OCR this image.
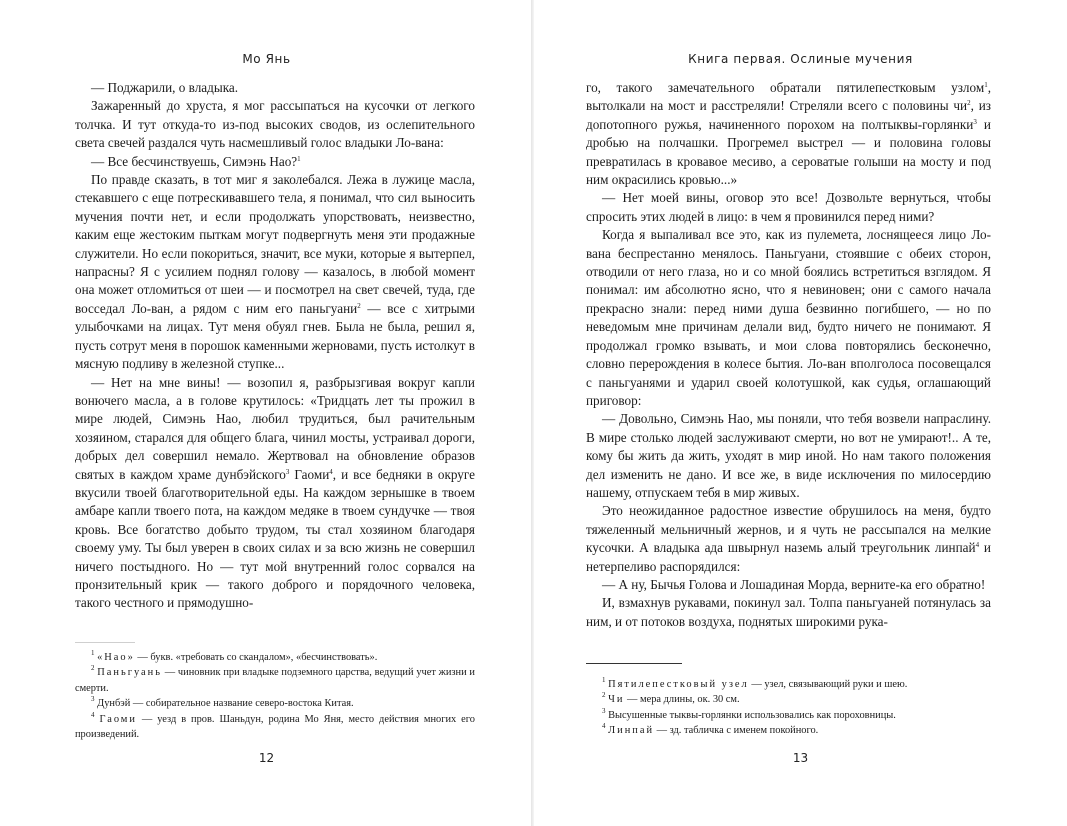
Мо Янь

— Поджарили, о владыка.

Зажаренный до хруста, я мог рассыпаться на кусочки от легкого толчка. И тут откуда-то из-под высоких сводов, из ослепительного света свечей раздался чуть насмешливый голос владыки Ло-вана:

— Все бесчинствуешь, Симэнь Нао?$^1$

По правде сказать, в тот миг я заколебался. Лежа в лужице масла, стекавшего с еще потрескивавшего тела, я понимал, что сил выносить мучения почти нет, и если продолжать упорствовать, неизвестно, каким еще жестоким пыткам могут подвергнуть меня эти продажные служители. Но если покориться, значит, все муки, которые я вытерпел, напрасны? Я с усилием поднял голову — казалось, в любой момент она может отломиться от шеи — и посмотрел на свет свечей, туда, где восседал Ло-ван, а рядом с ним его паньгуани$^2$ — все с хитрыми улыбочками на лицах. Тут меня обуял гнев. Была не была, решил я, пусть сотрут меня в порошок каменными жерновами, пусть истолкут в мясную подливу в железной ступке...

— Нет на мне вины! — возопил я, разбрызгивая вокруг капли вонючего масла, а в голове крутилось: «Тридцать лет ты прожил в мире людей, Симэнь Нао, любил трудиться, был рачительным хозяином, старался для общего блага, чинил мосты, устраивал дороги, добрых дел совершил немало. Жертвовал на обновление образов святых в каждом храме дунбэйского$^3$ Гаоми$^4$, и все бедняки в округе вкусили твоей благотворительной еды. На каждом зернышке в твоем амбаре капли твоего пота, на каждом медяке в твоем сундучке — твоя кровь. Все богатство добыто трудом, ты стал хозяином благодаря своему уму. Ты был уверен в своих силах и за всю жизнь не совершил ничего постыдного. Но — тут мой внутренний голос сорвался на пронзительный крик — такого доброго и порядочного человека, такого честного и прямодушно-

$^1$ «Нао» — букв. «требовать со скандалом», «бесчинствовать».

$^2$ Паньгуань — чиновник при владыке подземного царства, ведущий учет жизни и смерти.

$^3$ Дунбэй — собирательное название северо-востока Китая.

$^4$ Гаоми — уезд в пров. Шаньдун, родина Мо Яня, место действия многих его произведений.

12
Книга первая. Ослиные мучения

го, такого замечательного обратали пятилепестковым узлом$^1$, вытолкали на мост и расстреляли! Стреляли всего с половины $чи^2$, из допотопного ружья, начиненного порохом на полтыквы-горлянки$^3$ и дробью на полчашки. Прогремел выстрел — и половина головы превратилась в кровавое месиво, а сероватые голыши на мосту и под ним окрасились кровью...»

— Нет моей вины, оговор это все! Дозвольте вернуться, чтобы спросить этих людей в лицо: в чем я провинился перед ними?

Когда я выпаливал все это, как из пулемета, лоснящееся лицо Ло-вана беспрестанно менялось. Паньгуани, стоявшие с обеих сторон, отводили от него глаза, но и со мной боялись встретиться взглядом. Я понимал: им абсолютно ясно, что я невиновен; они с самого начала прекрасно знали: перед ними душа безвинно погибшего, — но по неведомым мне причинам делали вид, будто ничего не понимают. Я продолжал громко взывать, и мои слова повторялись бесконечно, словно перерождения в колесе бытия. Ло-ван вполголоса посовещался с паньгуанями и ударил своей колотушкой, как судья, оглашающий приговор:

— Довольно, Симэнь Нао, мы поняли, что тебя возвели напраслину. В мире столько людей заслуживают смерти, но вот не умирают!.. А те, кому бы жить да жить, уходят в мир иной. Но нам такого положения дел изменить не дано. И все же, в виде исключения по милосердию нашему, отпускаем тебя в мир живых.

Это неожиданное радостное известие обрушилось на меня, будто тяжеленный мельничный жернов, и я чуть не рассыпался на мелкие кусочки. А владыка ада швырнул наземь алый треугольник линпай$^4$ и нетерпеливо распорядился:

— А ну, Бычья Голова и Лошадиная Морда, верните-ка его обратно!

И, взмахнув рукавами, покинул зал. Толпа паньгуаней потянулась за ним, и от потоков воздуха, поднятых широкими рука-

$^1$ Пятилепестковый узел — узел, связывающий руки и шею.

$^2$ Чи — мера длины, ок. 30 см.

$^3$ Высушенные тыквы-горлянки использовались как пороховницы.

$^4$ Линпай — зд. табличка с именем покойного.

13
